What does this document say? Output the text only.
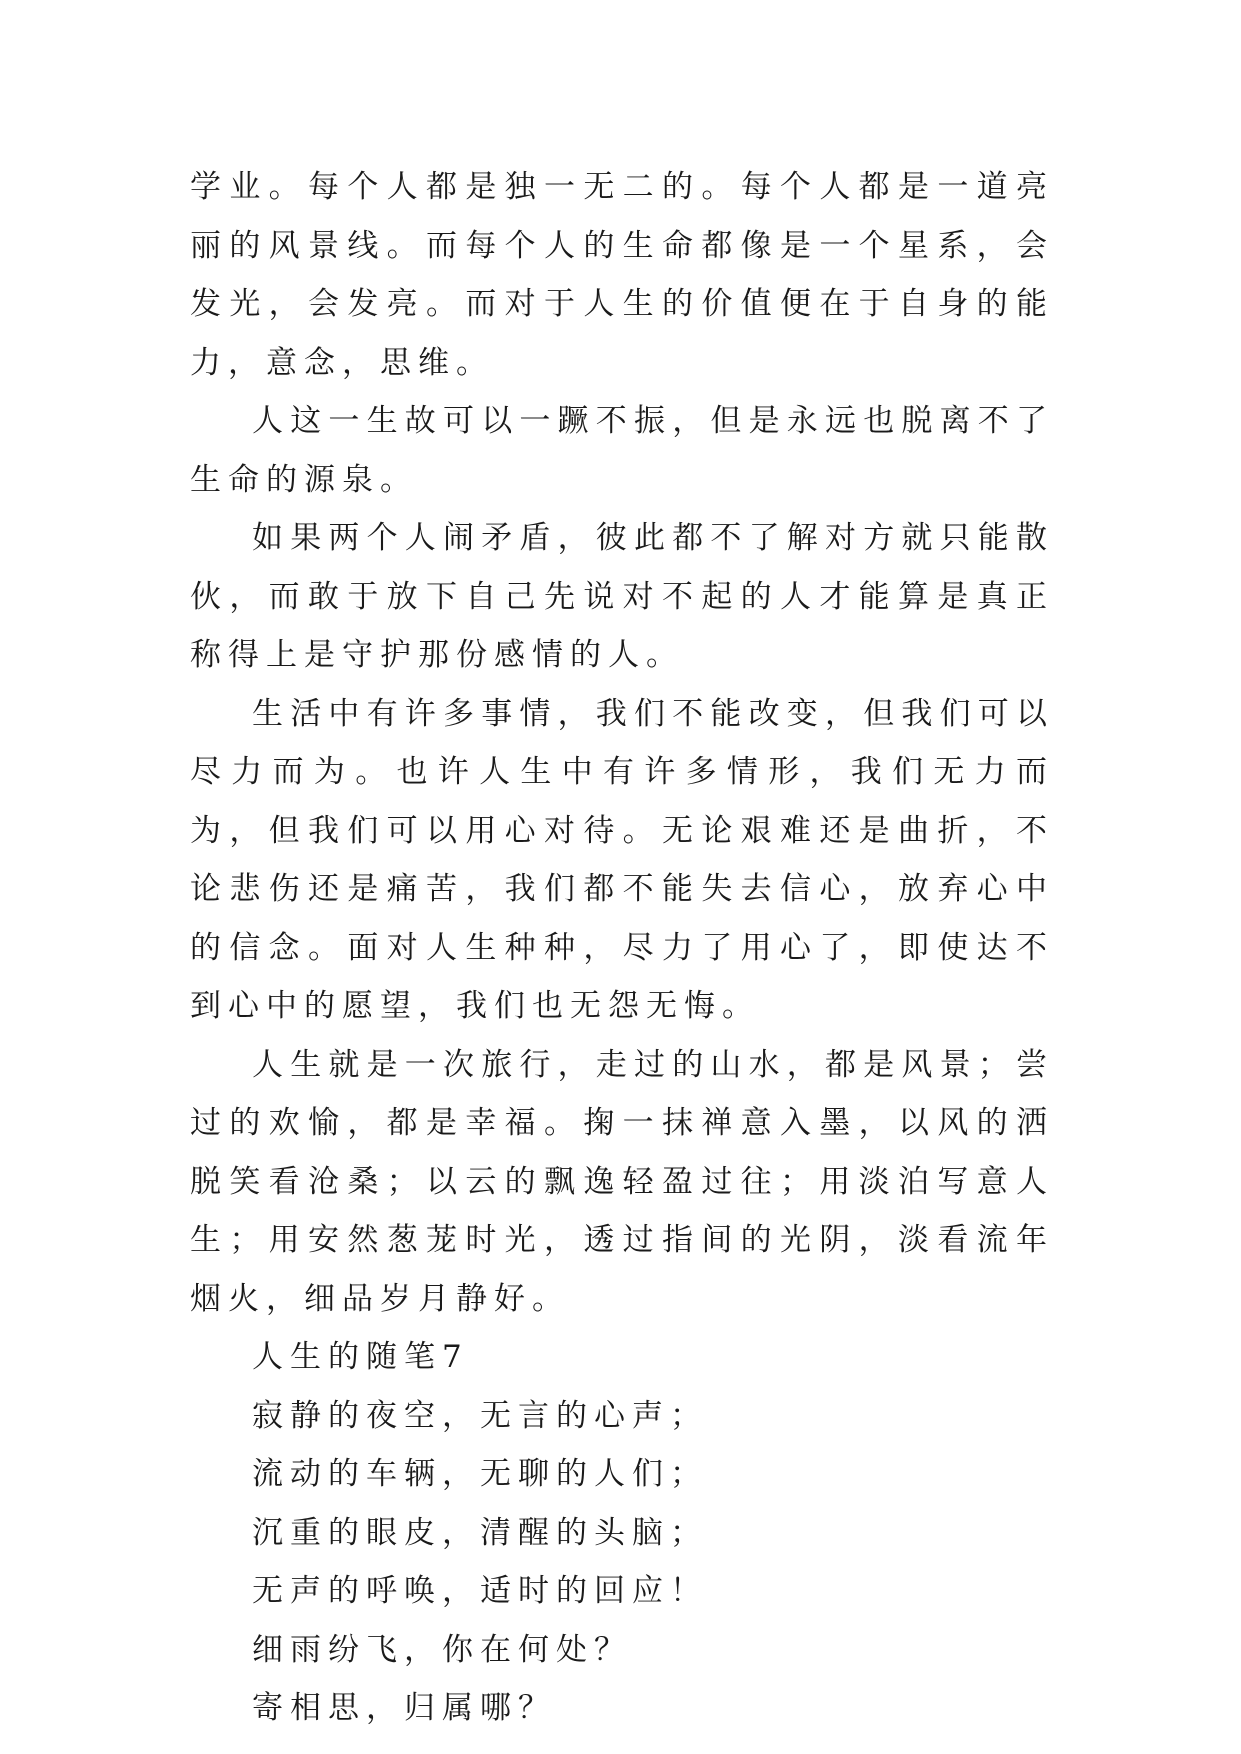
学业。每个人都是独一无二的。每个人都是一道亮丽的风景线。而每个人的生命都像是一个星系，会发光，会发亮。而对于人生的价值便在于自身的能力，意念，思维。

人这一生故可以一蹶不振，但是永远也脱离不了生命的源泉。

如果两个人闹矛盾，彼此都不了解对方就只能散伙，而敢于放下自己先说对不起的人才能算是真正称得上是守护那份感情的人。

生活中有许多事情，我们不能改变，但我们可以尽力而为。也许人生中有许多情形，我们无力而为，但我们可以用心对待。无论艰难还是曲折，不论悲伤还是痛苦，我们都不能失去信心，放弃心中的信念。面对人生种种，尽力了用心了，即使达不到心中的愿望，我们也无怨无悔。

人生就是一次旅行，走过的山水，都是风景；尝过的欢愉，都是幸福。掬一抹禅意入墨，以风的洒脱笑看沧桑；以云的飘逸轻盈过往；用淡泊写意人生；用安然葱茏时光，透过指间的光阴，淡看流年烟火，细品岁月静好。

人生的随笔7

寂静的夜空，无言的心声；

流动的车辆，无聊的人们；

沉重的眼皮，清醒的头脑；

无声的呼唤，适时的回应！

细雨纷飞，你在何处？

寄相思，归属哪？
